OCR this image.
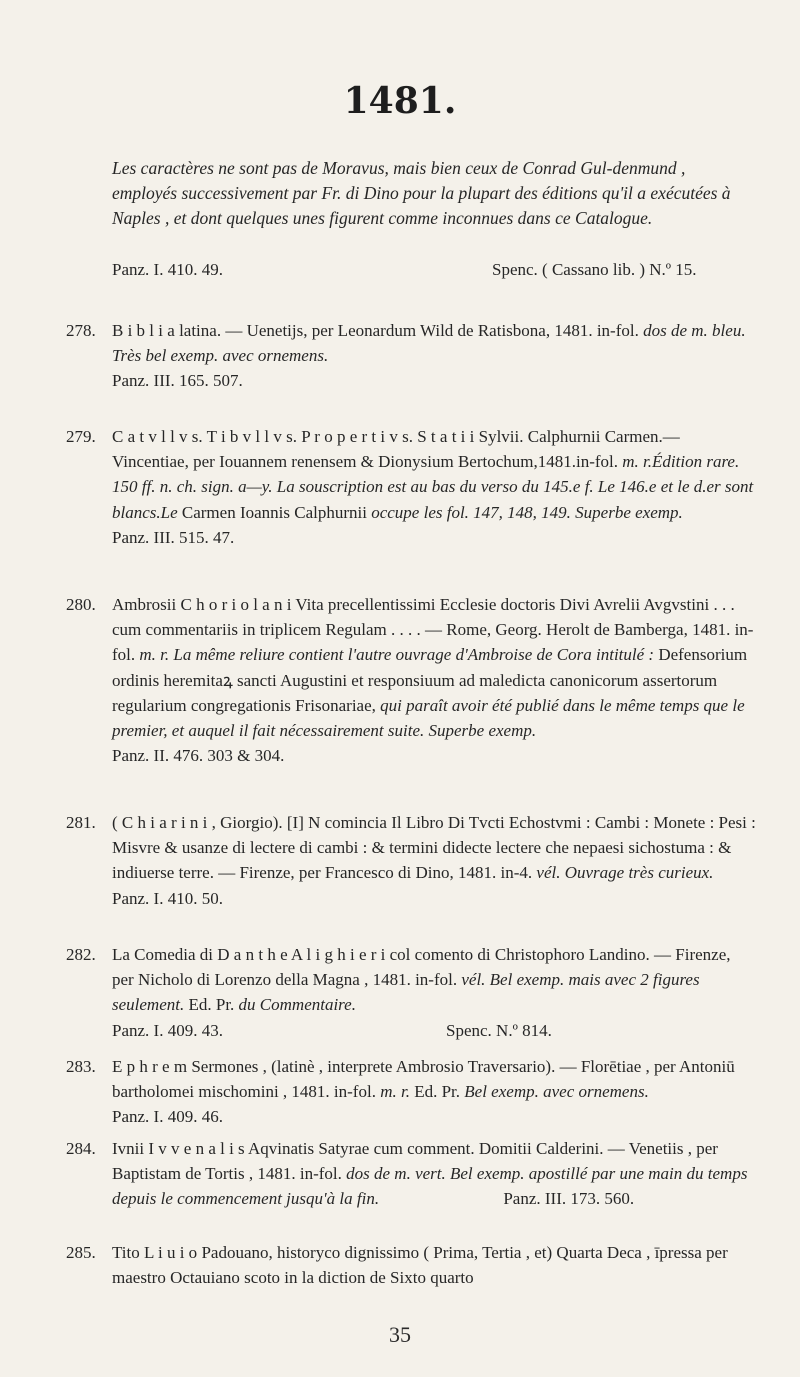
1481.
Les caractères ne sont pas de Moravus, mais bien ceux de Conrad Gul-denmund , employés successivement par Fr. di Dino pour la plupart des éditions qu'il a exécutées à Naples , et dont quelques unes figurent comme inconnues dans ce Catalogue.
Panz. I. 410. 49.	Spenc. ( Cassano lib. ) N.º 15.
278. B i b l i a latina. — Uenetijs, per Leonardum Wild de Ratisbona, 1481. in-fol. dos de m. bleu. Très bel exemp. avec ornemens.
Panz. III. 165. 507.
279. C a t v l l v s. T i b v l l v s. P r o p e r t i v s. S t a t i i Sylvii. Calphurnii Carmen.—Vincentiae, per Iouannem renensem & Dionysium Bertochum,1481.in-fol. m. r.Édition rare. 150 ff. n. ch. sign. a—y. La souscription est au bas du verso du 145.e f. Le 146.e et le d.er sont blancs.Le Carmen Ioannis Calphurnii occupe les fol. 147, 148, 149. Superbe exemp.
Panz. III. 515. 47.
280. Ambrosii C h o r i o l a n i Vita precellentissimi Ecclesie doctoris Divi Avrelii Avgvstini . . . cum commentariis in triplicem Regulam . . . . — Rome, Georg. Herolt de Bamberga, 1481. in-fol. m. r. La même reliure contient l'autre ouvrage d'Ambroise de Cora intitulé : Defensorium ordinis heremitaꝝ sancti Augustini et responsiuum ad maledicta canonicorum assertorum regularium congregationis Frisonariae, qui paraît avoir été publié dans le même temps que le premier, et auquel il fait nécessairement suite. Superbe exemp.
Panz. II. 476. 303 & 304.
281. ( C h i a r i n i , Giorgio). [I] N comincia Il Libro Di Tvcti Echostvmi : Cambi : Monete : Pesi : Misvre & usanze di lectere di cambi : & termini didecte lectere che nepaesi sichostuma : & indiuerse terre. — Firenze, per Francesco di Dino, 1481. in-4. vél. Ouvrage très curieux.
Panz. I. 410. 50.
282. La Comedia di D a n t h e A l i g h i e r i col comento di Christophoro Landino. — Firenze, per Nicholo di Lorenzo della Magna , 1481. in-fol. vél. Bel exemp. mais avec 2 figures seulement. Ed. Pr. du Commentaire.
Panz. I. 409. 43.	Spenc. N.º 814.
283. E p h r e m Sermones , (latinè , interprete Ambrosio Traversario). — Florētiae , per Antoniū bartholomei mischomini , 1481. in-fol. m. r. Ed. Pr. Bel exemp. avec ornemens. Panz. I. 409. 46.
284. Ivnii I v v e n a l i s Aqvinatis Satyrae cum comment. Domitii Calderini. — Venetiis , per Baptistam de Tortis , 1481. in-fol. dos de m. vert. Bel exemp. apostillé par une main du temps depuis le commencement jusqu'à la fin.	Panz. III. 173. 560.
285. Tito L i u i o Padouano, historyco dignissimo ( Prima, Tertia , et) Quarta Deca , īpressa per maestro Octauiano scoto in la diction de Sixto quarto
35
